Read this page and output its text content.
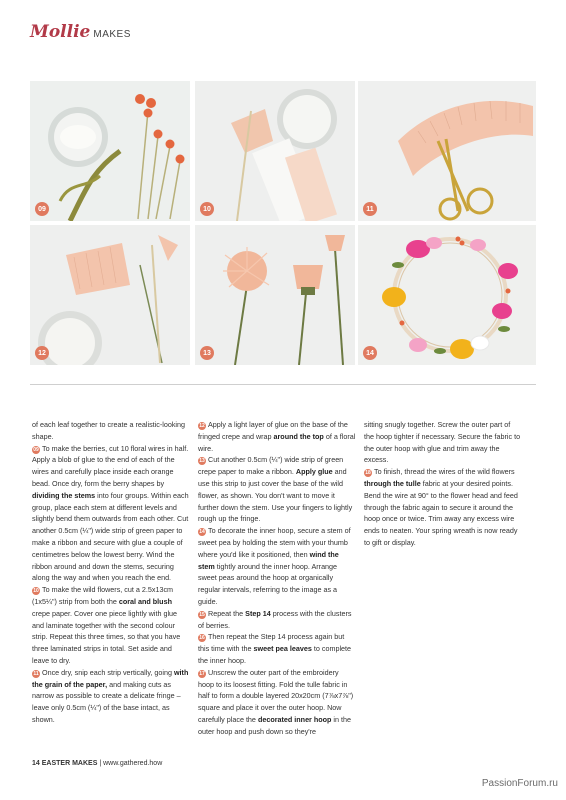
Mollie MAKES
09	10	11
12	13	14

of each leaf together to create a realistic-looking shape.

09 To make the berries, cut 10 floral wires in half. Apply a blob of glue to the end of each of the wires and carefully place inside each orange bead. Once dry, form the berry shapes by dividing the stems into four groups. Within each group, place each stem at different levels and slightly bend them outwards from each other. Cut another 0.5cm (¼") wide strip of green paper to make a ribbon and secure with glue a couple of centimetres below the lowest berry. Wind the ribbon around and down the stems, securing along the way and when you reach the end.

10 To make the wild flowers, cut a 2.5x13cm (1x5¼") strip from both the coral and blush crepe paper. Cover one piece lightly with glue and laminate together with the second colour strip. Repeat this three times, so that you have three laminated strips in total. Set aside and leave to dry.

11 Once dry, snip each strip vertically, going with the grain of the paper, and making cuts as narrow as possible to create a delicate fringe – leave only 0.5cm (¼") of the base intact, as shown.

12 Apply a light layer of glue on the base of the fringed crepe and wrap around the top of a floral wire.

13 Cut another 0.5cm (¼") wide strip of green crepe paper to make a ribbon. Apply glue and use this strip to just cover the base of the wild flower, as shown. You don't want to move it further down the stem. Use your fingers to lightly rough up the fringe.

14 To decorate the inner hoop, secure a stem of sweet pea by holding the stem with your thumb where you'd like it positioned, then wind the stem tightly around the inner hoop. Arrange sweet peas around the hoop at organically regular intervals, referring to the image as a guide.

15 Repeat the Step 14 process with the clusters of berries.

16 Then repeat the Step 14 process again but this time with the sweet pea leaves to complete the inner hoop.

17 Unscrew the outer part of the embroidery hoop to its loosest fitting. Fold the tulle fabric in half to form a double layered 20x20cm (7⅞x7⅞") square and place it over the outer hoop. Now carefully place the decorated inner hoop in the outer hoop and push down so they're

sitting snugly together. Screw the outer part of the hoop tighter if necessary. Secure the fabric to the outer hoop with glue and trim away the excess.

18 To finish, thread the wires of the wild flowers through the tulle fabric at your desired points. Bend the wire at 90° to the flower head and feed through the fabric again to secure it around the hoop once or twice. Trim away any excess wire ends to neaten. Your spring wreath is now ready to gift or display.

14 EASTER MAKES | www.gathered.how
PassionForum.ru
